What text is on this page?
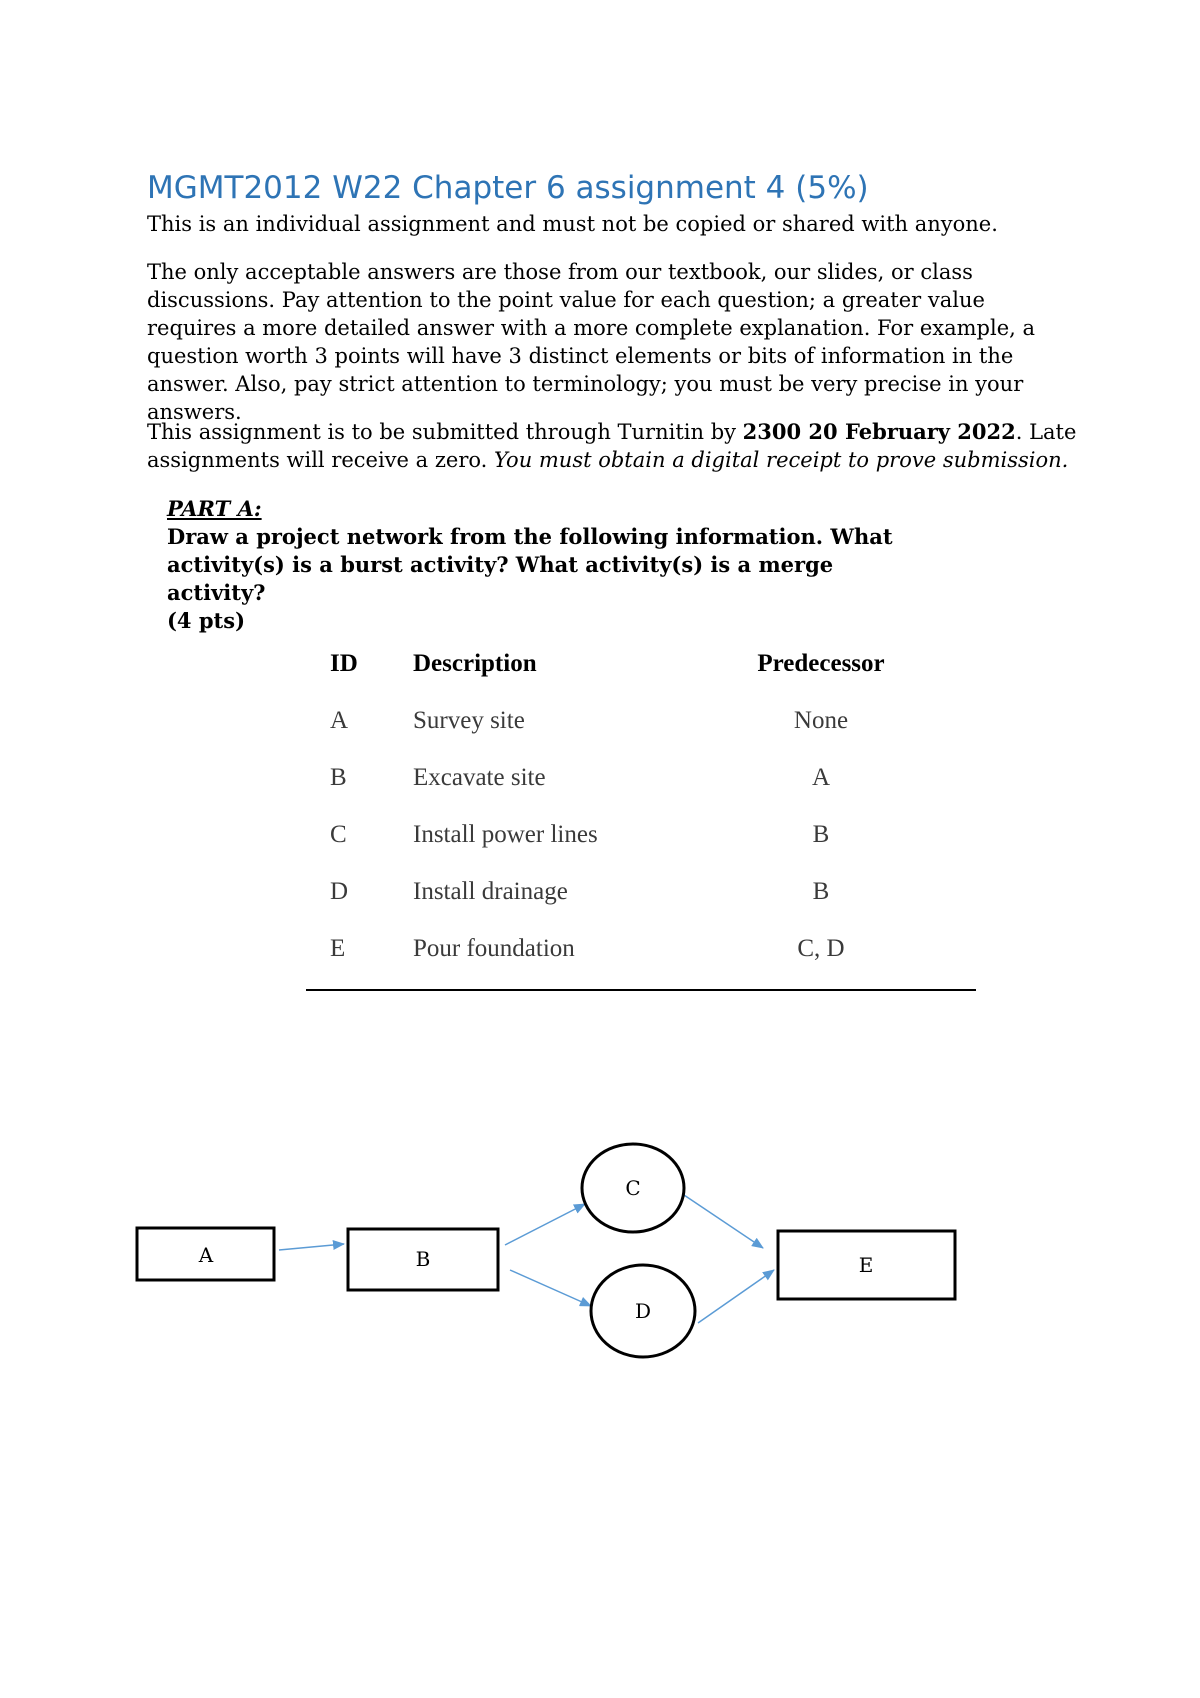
MGMT2012 W22 Chapter 6 assignment 4 (5%)

This is an individual assignment and must not be copied or shared with anyone.

The only acceptable answers are those from our textbook, our slides, or class discussions. Pay attention to the point value for each question; a greater value requires a more detailed answer with a more complete explanation. For example, a question worth 3 points will have 3 distinct elements or bits of information in the answer. Also, pay strict attention to terminology; you must be very precise in your answers.

This assignment is to be submitted through Turnitin by 2300 20 February 2022. Late assignments will receive a zero. You must obtain a digital receipt to prove submission.

PART A:
Draw a project network from the following information. What activity(s) is a burst activity? What activity(s) is a merge activity?
(4 pts)
ID Description	Predecessor
A	Survey site	None
B	Excavate site	A
C	Install power lines	B
D	Install drainage	B
E	Pour foundation	C, D
A	B
C
D
E
